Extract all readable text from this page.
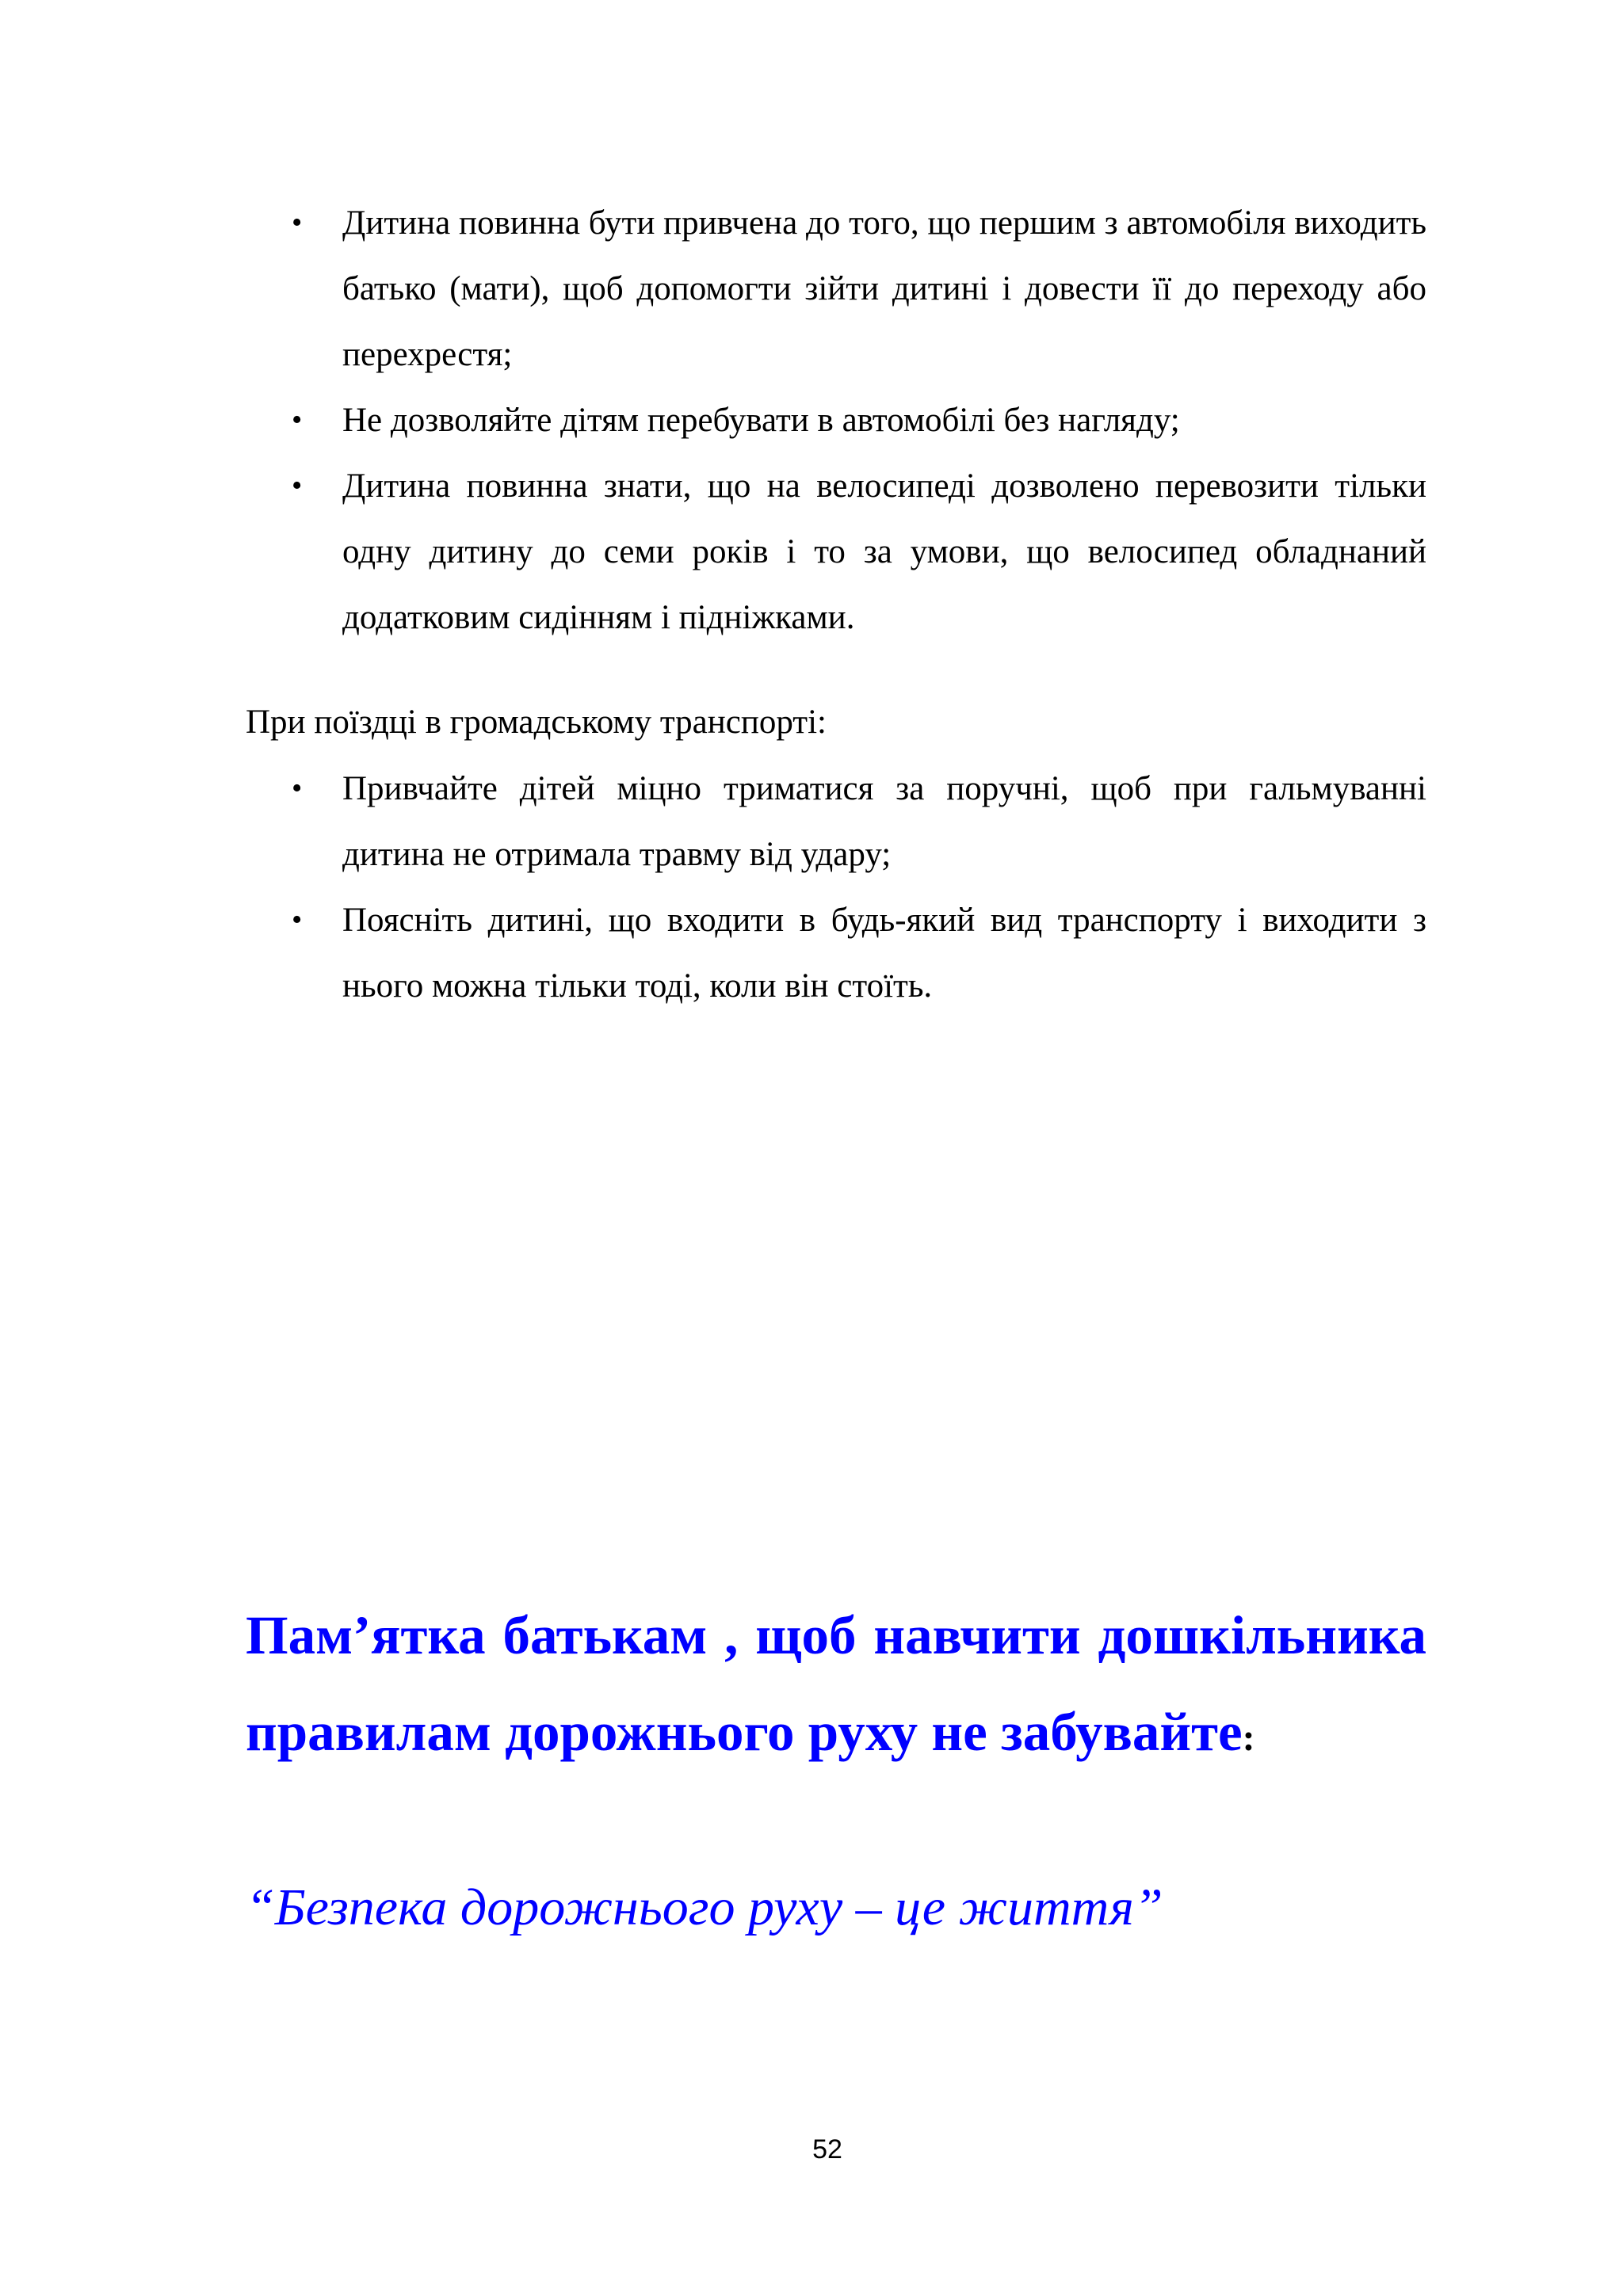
• Дитина повинна бути привчена до того, що першим з автомобіля виходить батько (мати), щоб допомогти зійти дитині і довести її до переходу або перехрестя;
• Не дозволяйте дітям перебувати в автомобілі без нагляду;
• Дитина повинна знати, що на велосипеді дозволено перевозити тільки одну дитину до семи років і то за умови, що велосипед обладнаний додатковим сидінням і підніжками.

При поїздці в громадському транспорті:

• Привчайте дітей міцно триматися за поручні, щоб при гальмуванні дитина не отримала травму від удару;
• Поясніть дитині, що входити в будь-який вид транспорту і виходити з нього можна тільки тоді, коли він стоїть.
Пам’ятка батькам , щоб навчити дошкільника правилам дорожнього руху не забувайте:

“Безпека дорожнього руху – це життя”

52
